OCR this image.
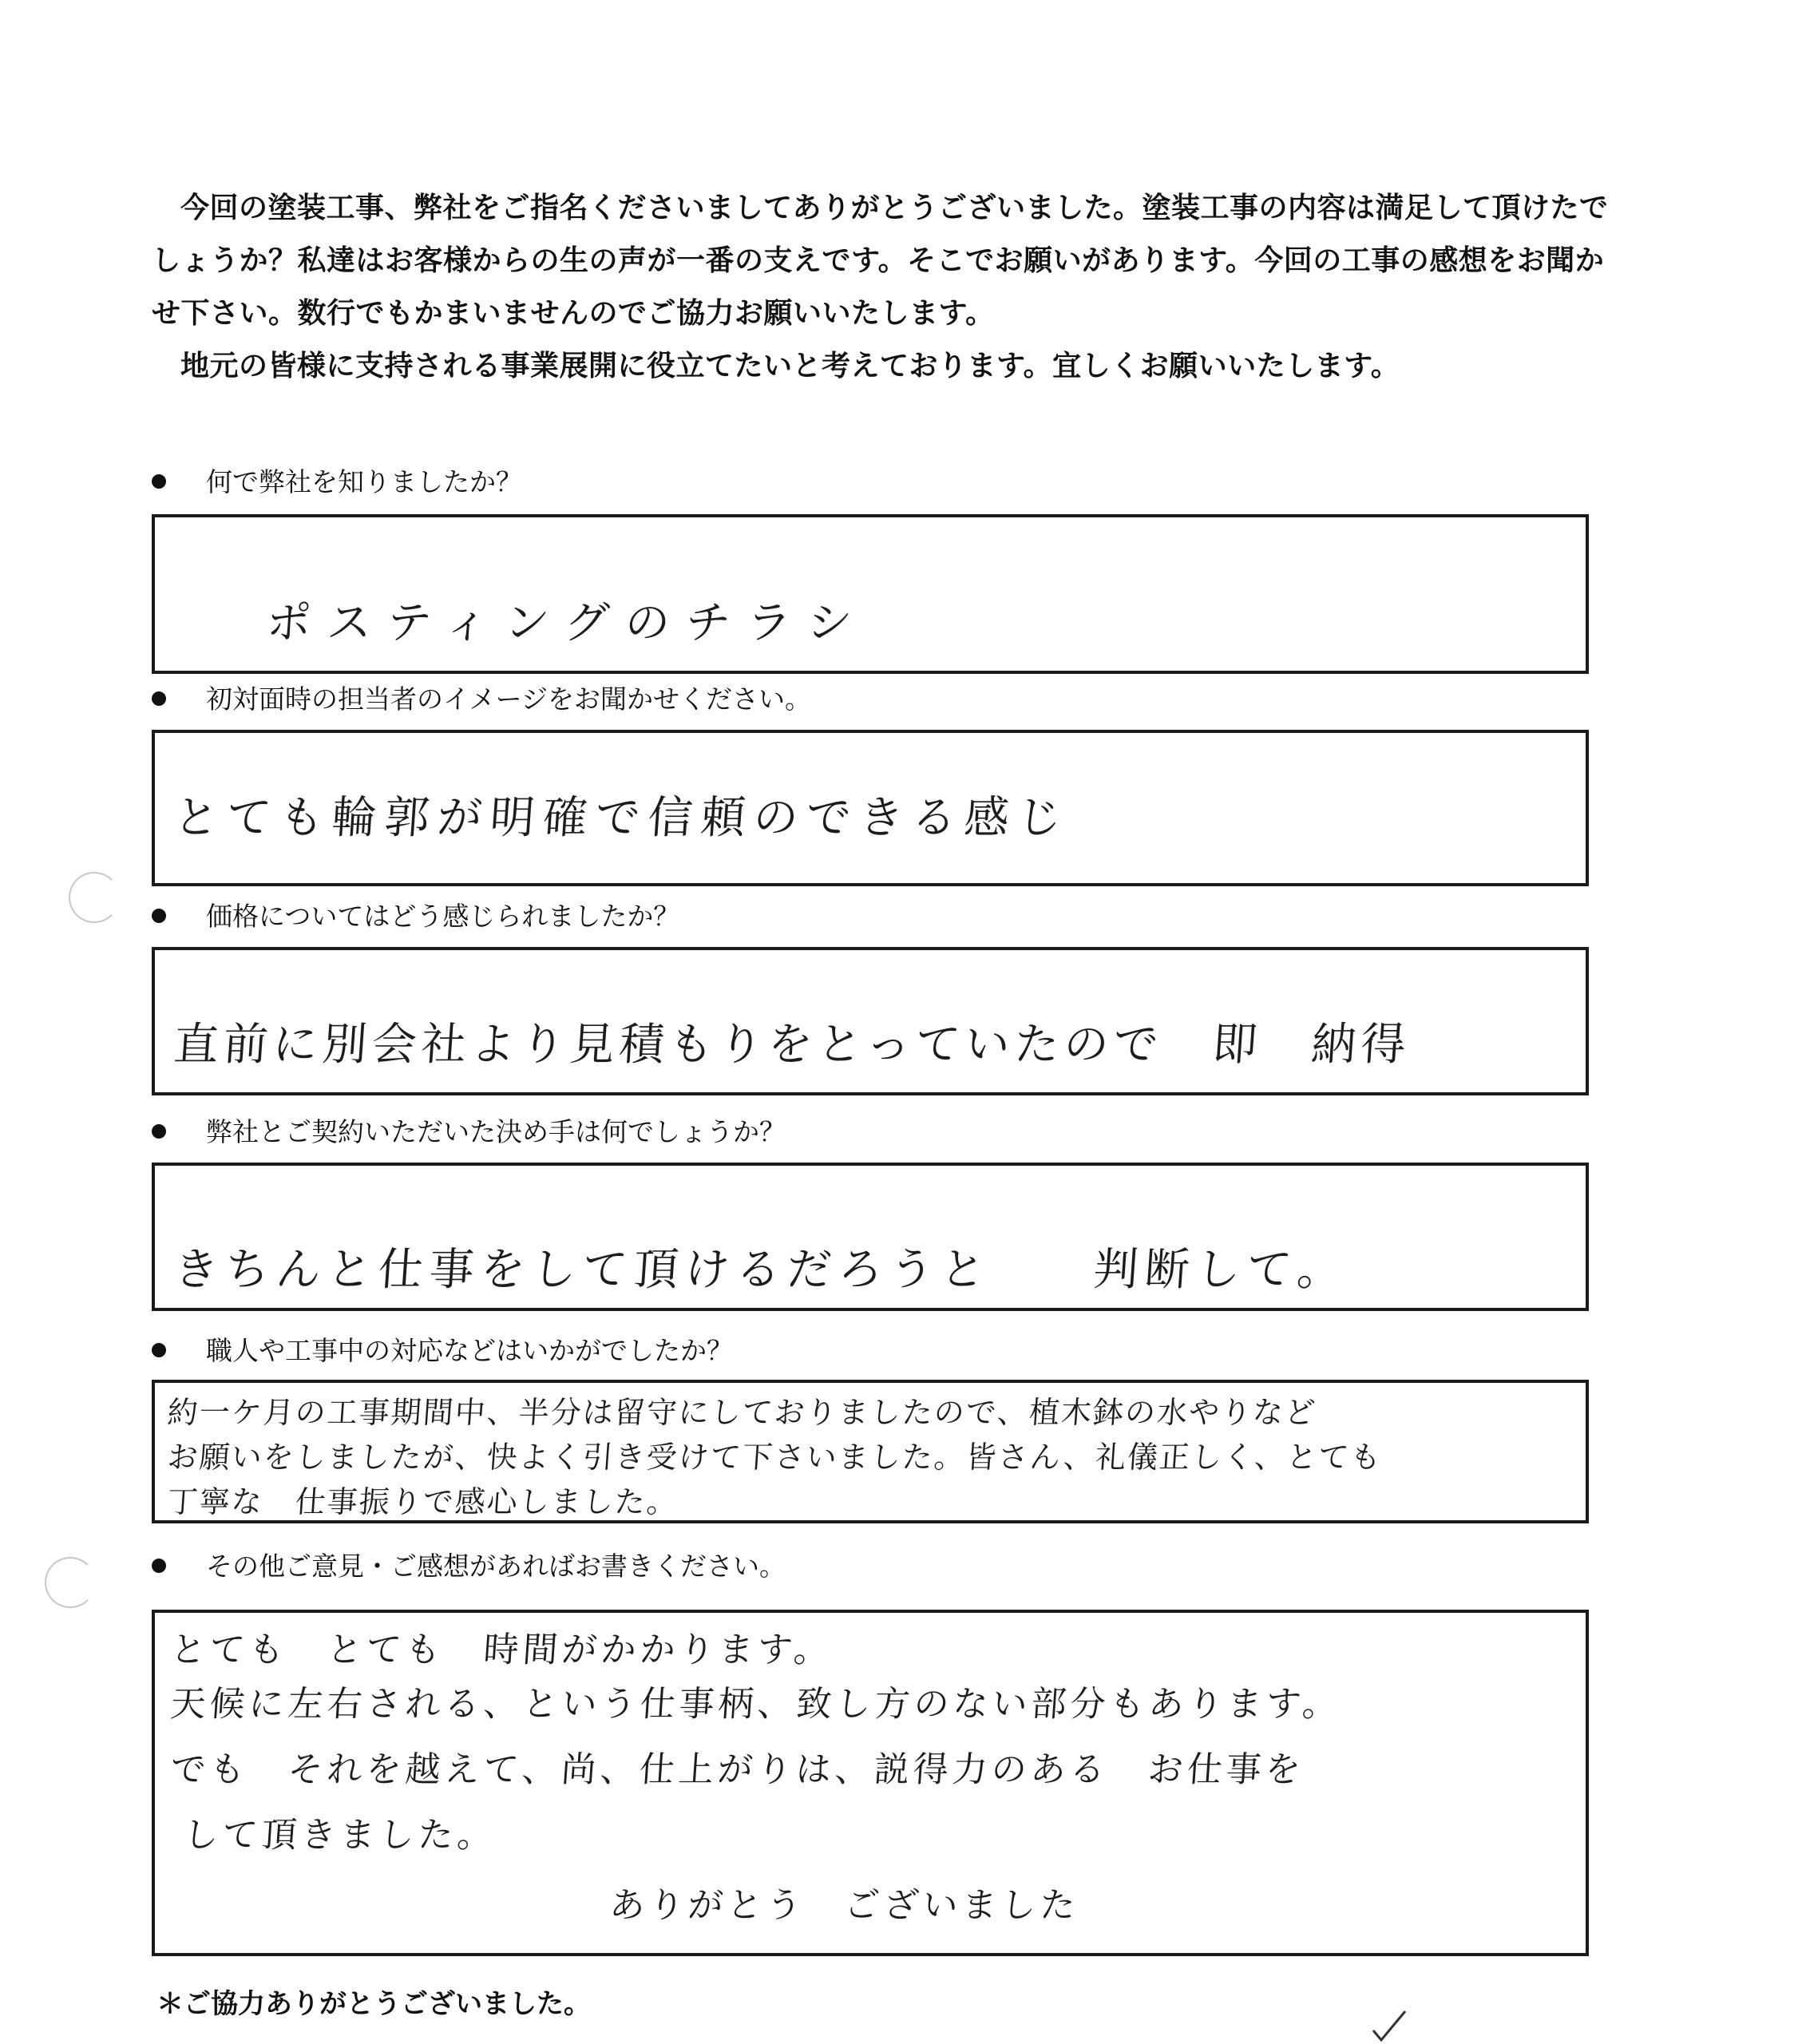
今回の塗装工事、弊社をご指名くださいましてありがとうございました。塗装工事の内容は満足して頂けたでしょうか？私達はお客様からの生の声が一番の支えです。そこでお願いがあります。今回の工事の感想をお聞かせ下さい。数行でもかまいませんのでご協力お願いいたします。

地元の皆様に支持される事業展開に役立てたいと考えております。宜しくお願いいたします。

何で弊社を知りましたか？
ポスティングのチラシ
初対面時の担当者のイメージをお聞かせください。
とても輪郭が明確で信頼のできる感じ
価格についてはどう感じられましたか？
直前に別会社より見積もりをとっていたので　即　納得
弊社とご契約いただいた決め手は何でしょうか？
きちんと仕事をして頂けるだろうと　　判断して。
職人や工事中の対応などはいかがでしたか？
約一ケ月の工事期間中、半分は留守にしておりましたので、植木鉢の水やりなど
お願いをしましたが、快よく引き受けて下さいました。皆さん、礼儀正しく、とても
丁寧な　仕事振りで感心しました。
その他ご意見・ご感想があればお書きください。
とても　とても　時間がかかります。
天候に左右される、という仕事柄、致し方のない部分もあります。
でも　それを越えて、尚、仕上がりは、説得力のある　お仕事を
して頂きました。
ありがとう　ございました
＊ご協力ありがとうございました。
